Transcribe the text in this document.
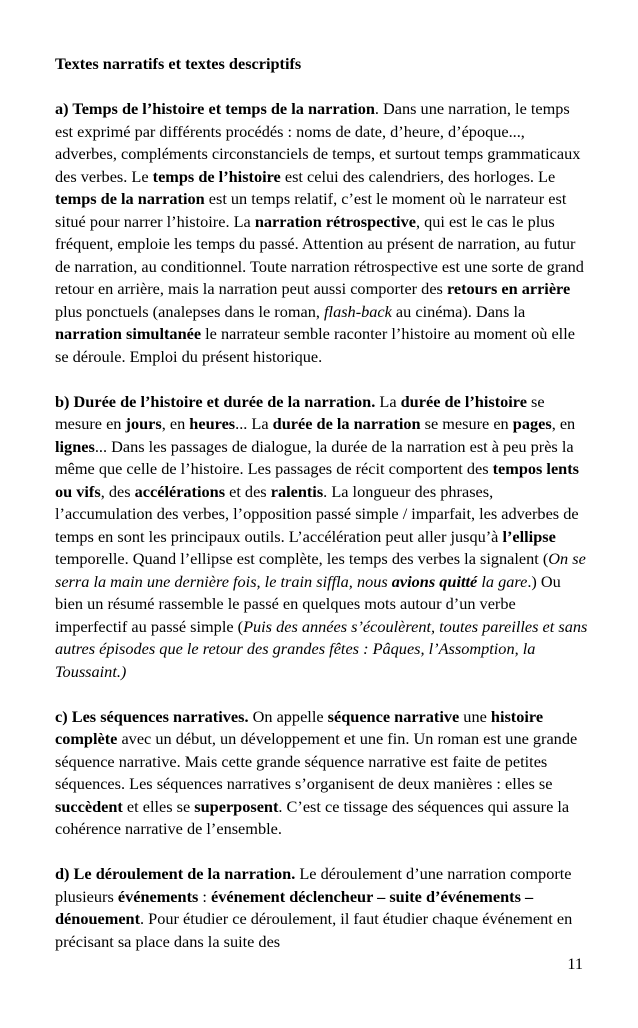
Textes narratifs et textes descriptifs

a) Temps de l’histoire et temps de la narration. Dans une narration, le temps est exprimé par différents procédés : noms de date, d’heure, d’époque..., adverbes, compléments circonstanciels de temps, et surtout temps grammaticaux des verbes. Le temps de l’histoire est celui des calendriers, des horloges. Le temps de la narration est un temps relatif, c’est le moment où le narrateur est situé pour narrer l’histoire. La narration rétrospective, qui est le cas le plus fréquent, emploie les temps du passé. Attention au présent de narration, au futur de narration, au conditionnel. Toute narration rétrospective est une sorte de grand retour en arrière, mais la narration peut aussi comporter des retours en arrière plus ponctuels (analepses dans le roman, flash-back au cinéma). Dans la narration simultanée le narrateur semble raconter l’histoire au moment où elle se déroule. Emploi du présent historique.

b) Durée de l’histoire et durée de la narration. La durée de l’histoire se mesure en jours, en heures... La durée de la narration se mesure en pages, en lignes... Dans les passages de dialogue, la durée de la narration est à peu près la même que celle de l’histoire. Les passages de récit comportent des tempos lents ou vifs, des accélérations et des ralentis. La longueur des phrases, l’accumulation des verbes, l’opposition passé simple / imparfait, les adverbes de temps en sont les principaux outils. L’accélération peut aller jusqu’à l’ellipse temporelle. Quand l’ellipse est complète, les temps des verbes la signalent (On se serra la main une dernière fois, le train siffla, nous avions quitté la gare.) Ou bien un résumé rassemble le passé en quelques mots autour d’un verbe imperfectif au passé simple (Puis des années s’écoulèrent, toutes pareilles et sans autres épisodes que le retour des grandes fêtes : Pâques, l’Assomption, la Toussaint.)

c) Les séquences narratives. On appelle séquence narrative une histoire complète avec un début, un développement et une fin. Un roman est une grande séquence narrative. Mais cette grande séquence narrative est faite de petites séquences. Les séquences narratives s’organisent de deux manières : elles se succèdent et elles se superposent. C’est ce tissage des séquences qui assure la cohérence narrative de l’ensemble.

d) Le déroulement de la narration. Le déroulement d’une narration comporte plusieurs événements : événement déclencheur – suite d’événements – dénouement. Pour étudier ce déroulement, il faut étudier chaque événement en précisant sa place dans la suite des

11
